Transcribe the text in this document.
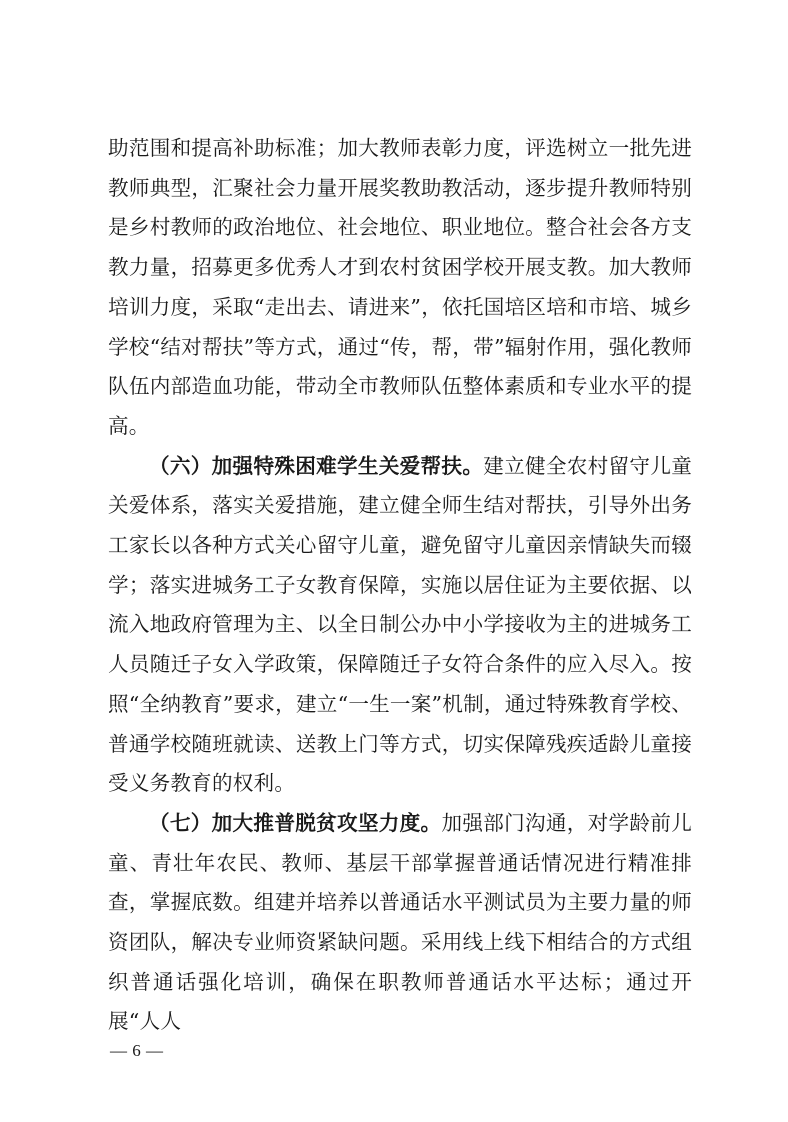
助范围和提高补助标准；加大教师表彰力度，评选树立一批先进教师典型，汇聚社会力量开展奖教助教活动，逐步提升教师特别是乡村教师的政治地位、社会地位、职业地位。整合社会各方支教力量，招募更多优秀人才到农村贫困学校开展支教。加大教师培训力度，采取“走出去、请进来”，依托国培区培和市培、城乡学校“结对帮扶”等方式，通过“传，帮，带”辐射作用，强化教师队伍内部造血功能，带动全市教师队伍整体素质和专业水平的提高。

（六）加强特殊困难学生关爱帮扶。建立健全农村留守儿童关爱体系，落实关爱措施，建立健全师生结对帮扶，引导外出务工家长以各种方式关心留守儿童，避免留守儿童因亲情缺失而辍学；落实进城务工子女教育保障，实施以居住证为主要依据、以流入地政府管理为主、以全日制公办中小学接收为主的进城务工人员随迁子女入学政策，保障随迁子女符合条件的应入尽入。按照“全纳教育”要求，建立“一生一案”机制，通过特殊教育学校、普通学校随班就读、送教上门等方式，切实保障残疾适龄儿童接受义务教育的权利。

（七）加大推普脱贫攻坚力度。加强部门沟通，对学龄前儿童、青壮年农民、教师、基层干部掌握普通话情况进行精准排查，掌握底数。组建并培养以普通话水平测试员为主要力量的师资团队，解决专业师资紧缺问题。采用线上线下相结合的方式组织普通话强化培训，确保在职教师普通话水平达标；通过开展“人人

— 6 —
